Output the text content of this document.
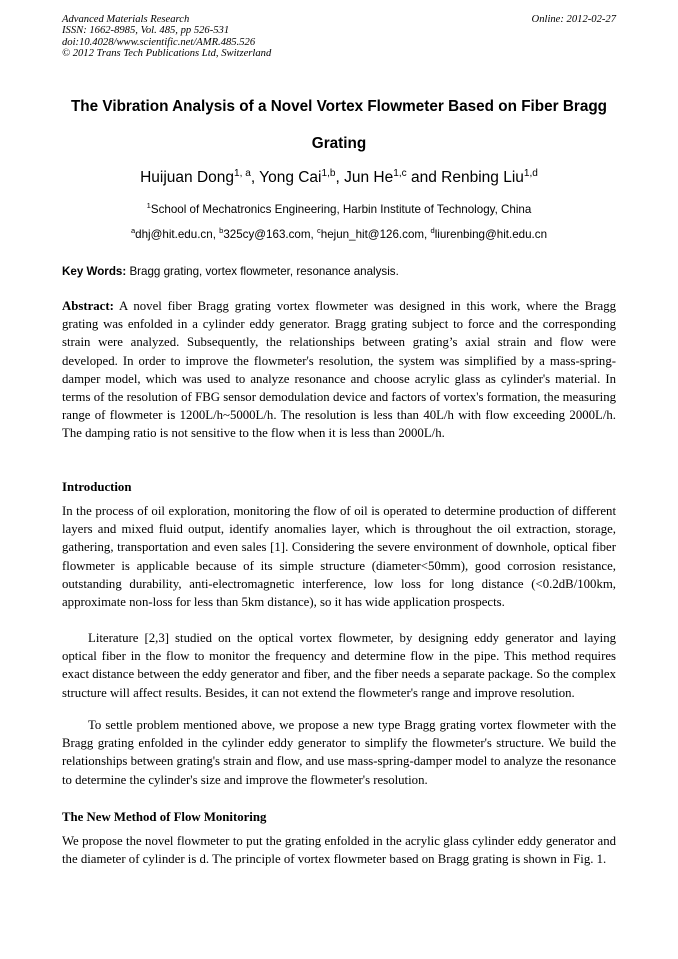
Advanced Materials Research
ISSN: 1662-8985, Vol. 485, pp 526-531
doi:10.4028/www.scientific.net/AMR.485.526
© 2012 Trans Tech Publications Ltd, Switzerland
Online: 2012-02-27
The Vibration Analysis of a Novel Vortex Flowmeter Based on Fiber Bragg Grating
Huijuan Dong$^{1, a}$, Yong Cai$^{1,b}$, Jun He$^{1,c}$ and Renbing Liu$^{1,d}$
$^1$School of Mechatronics Engineering, Harbin Institute of Technology, China
$^a$dhj@hit.edu.cn, $^b$325cy@163.com, $^c$hejun_hit@126.com, $^d$liurenbing@hit.edu.cn
Key Words: Bragg grating, vortex flowmeter, resonance analysis.

Abstract: A novel fiber Bragg grating vortex flowmeter was designed in this work, where the Bragg grating was enfolded in a cylinder eddy generator. Bragg grating subject to force and the corresponding strain were analyzed. Subsequently, the relationships between grating’s axial strain and flow were developed. In order to improve the flowmeter's resolution, the system was simplified by a mass-spring-damper model, which was used to analyze resonance and choose acrylic glass as cylinder's material. In terms of the resolution of FBG sensor demodulation device and factors of vortex's formation, the measuring range of flowmeter is 1200L/h~5000L/h. The resolution is less than 40L/h with flow exceeding 2000L/h. The damping ratio is not sensitive to the flow when it is less than 2000L/h.

Introduction

In the process of oil exploration, monitoring the flow of oil is operated to determine production of different layers and mixed fluid output, identify anomalies layer, which is throughout the oil extraction, storage, gathering, transportation and even sales [1]. Considering the severe environment of downhole, optical fiber flowmeter is applicable because of its simple structure (diameter<50mm), good corrosion resistance, outstanding durability, anti-electromagnetic interference, low loss for long distance (<0.2dB/100km, approximate non-loss for less than 5km distance), so it has wide application prospects.

Literature [2,3] studied on the optical vortex flowmeter, by designing eddy generator and laying optical fiber in the flow to monitor the frequency and determine flow in the pipe. This method requires exact distance between the eddy generator and fiber, and the fiber needs a separate package. So the complex structure will affect results. Besides, it can not extend the flowmeter's range and improve resolution.

To settle problem mentioned above, we propose a new type Bragg grating vortex flowmeter with the Bragg grating enfolded in the cylinder eddy generator to simplify the flowmeter's structure. We build the relationships between grating's strain and flow, and use mass-spring-damper model to analyze the resonance to determine the cylinder's size and improve the flowmeter's resolution.

The New Method of Flow Monitoring

We propose the novel flowmeter to put the grating enfolded in the acrylic glass cylinder eddy generator and the diameter of cylinder is d. The principle of vortex flowmeter based on Bragg grating is shown in Fig. 1.
